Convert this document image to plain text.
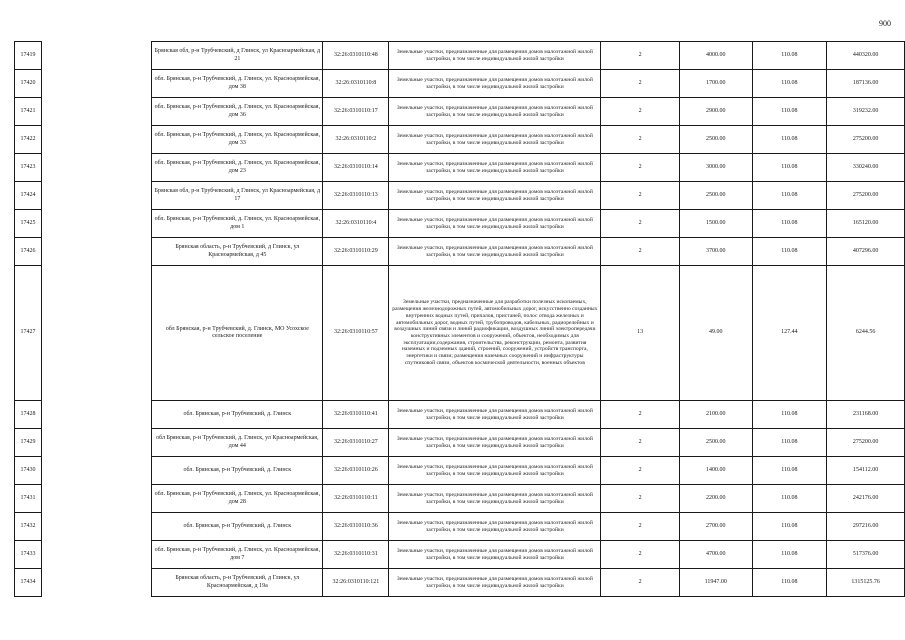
900
17419		Брянская обл, р-н Трубчевский, д Глинск, ул Красноармейская, д 21	32:26:0310110:48	Земельные участки, предназначенные для размещения домов малоэтажной жилой застройки, в том числе индивидуальной жилой застройки	2	4000.00	110.08	440320.00
17420		обл. Брянская, р-н Трубчевский, д. Глинск, ул. Красноармейская, дом 38	32:26:0310110:8	Земельные участки, предназначенные для размещения домов малоэтажной жилой застройки, в том числе индивидуальной жилой застройки	2	1700.00	110.08	187136.00
17421		обл. Брянская, р-н Трубчевский, д. Глинск, ул. Красноармейская, дом 36	32:26:0310110:17	Земельные участки, предназначенные для размещения домов малоэтажной жилой застройки, в том числе индивидуальной жилой застройки	2	2900.00	110.08	319232.00
17422		обл. Брянская, р-н Трубчевский, д. Глинск, ул. Красноармейская, дом 33	32:26:0310110:2	Земельные участки, предназначенные для размещения домов малоэтажной жилой застройки, в том числе индивидуальной жилой застройки	2	2500.00	110.08	275200.00
17423		обл. Брянская, р-н Трубчевский, д. Глинск, ул. Красноармейская, дом 23	32:26:0310110:14	Земельные участки, предназначенные для размещения домов малоэтажной жилой застройки, в том числе индивидуальной жилой застройки	2	3000.00	110.08	330240.00
17424		Брянская обл, р-н Трубчевский, д Глинск, ул Красноармейская, д 17	32:26:0310110:13	Земельные участки, предназначенные для размещения домов малоэтажной жилой застройки, в том числе индивидуальной жилой застройки	2	2500.00	110.08	275200.00
17425		обл. Брянская, р-н Трубчевский, д. Глинск, ул. Красноармейская, дом 1	32:26:0310110:4	Земельные участки, предназначенные для размещения домов малоэтажной жилой застройки, в том числе индивидуальной жилой застройки	2	1500.00	110.08	165120.00
17426		Брянская область, р-н Трубчевский, д Глинск, ул Красноармейская, д 45	32:26:0310110:29	Земельные участки, предназначенные для размещения домов малоэтажной жилой застройки, в том числе индивидуальной жилой застройки	2	3700.00	110.08	407296.00
17427		обл Брянская, р-н Трубчевский, д. Глинск, МО Усохское сельское поселение	32:26:0310110:57	Земельные участки, предназначенные для разработки полезных ископаемых, размещения железнодорожных путей, автомобильных дорог, искусственно созданных внутренних водных путей, причалов, пристаней, полос отвода железных и автомобильных дорог, водных путей, трубопроводов, кабельных, радиорелейных и воздушных линий связи и линий радиофикации, воздушных линий электропередачи конструктивных элементов и сооружений, объектов, необходимых для эксплуатации,содержания, строительства, реконструкции, ремонта, развития наземных и подземных зданий, строений, сооружений, устройств транспорта, энергетики и связи; размещения наземных сооружений и инфраструктуры спутниковой связи, объектов космической деятельности, военных объектов	13	49.00	127.44	6244.56
17428		обл. Брянская, р-н Трубчевский, д. Глинск	32:26:0310110:41	Земельные участки, предназначенные для размещения домов малоэтажной жилой застройки, в том числе индивидуальной жилой застройки	2	2100.00	110.08	231168.00
17429		обл Брянская, р-н Трубчевский, д. Глинск, ул Красноармейская, дом 44	32:26:0310110:27	Земельные участки, предназначенные для размещения домов малоэтажной жилой застройки, в том числе индивидуальной жилой застройки	2	2500.00	110.08	275200.00
17430		обл. Брянская, р-н Трубчевский, д. Глинск	32:26:0310110:26	Земельные участки, предназначенные для размещения домов малоэтажной жилой застройки, в том числе индивидуальной жилой застройки	2	1400.00	110.08	154112.00
17431		обл. Брянская, р-н Трубчевский, д. Глинск, ул. Красноармейская, дом 28	32:26:0310110:11	Земельные участки, предназначенные для размещения домов малоэтажной жилой застройки, в том числе индивидуальной жилой застройки	2	2200.00	110.08	242176.00
17432		обл. Брянская, р-н Трубчевский, д. Глинск	32:26:0310110:36	Земельные участки, предназначенные для размещения домов малоэтажной жилой застройки, в том числе индивидуальной жилой застройки	2	2700.00	110.08	297216.00
17433		обл. Брянская, р-н Трубчевский, д. Глинск, ул. Красноармейская, дом 7	32:26:0310110:31	Земельные участки, предназначенные для размещения домов малоэтажной жилой застройки, в том числе индивидуальной жилой застройки	2	4700.00	110.08	517376.00
17434		Брянская область, р-н Трубчевский, д Глинск, ул Красноармейская, д 19а	32:26:0310110:121	Земельные участки, предназначенные для размещения домов малоэтажной жилой застройки, в том числе индивидуальной жилой застройки	2	11947.00	110.08	1315125.76
